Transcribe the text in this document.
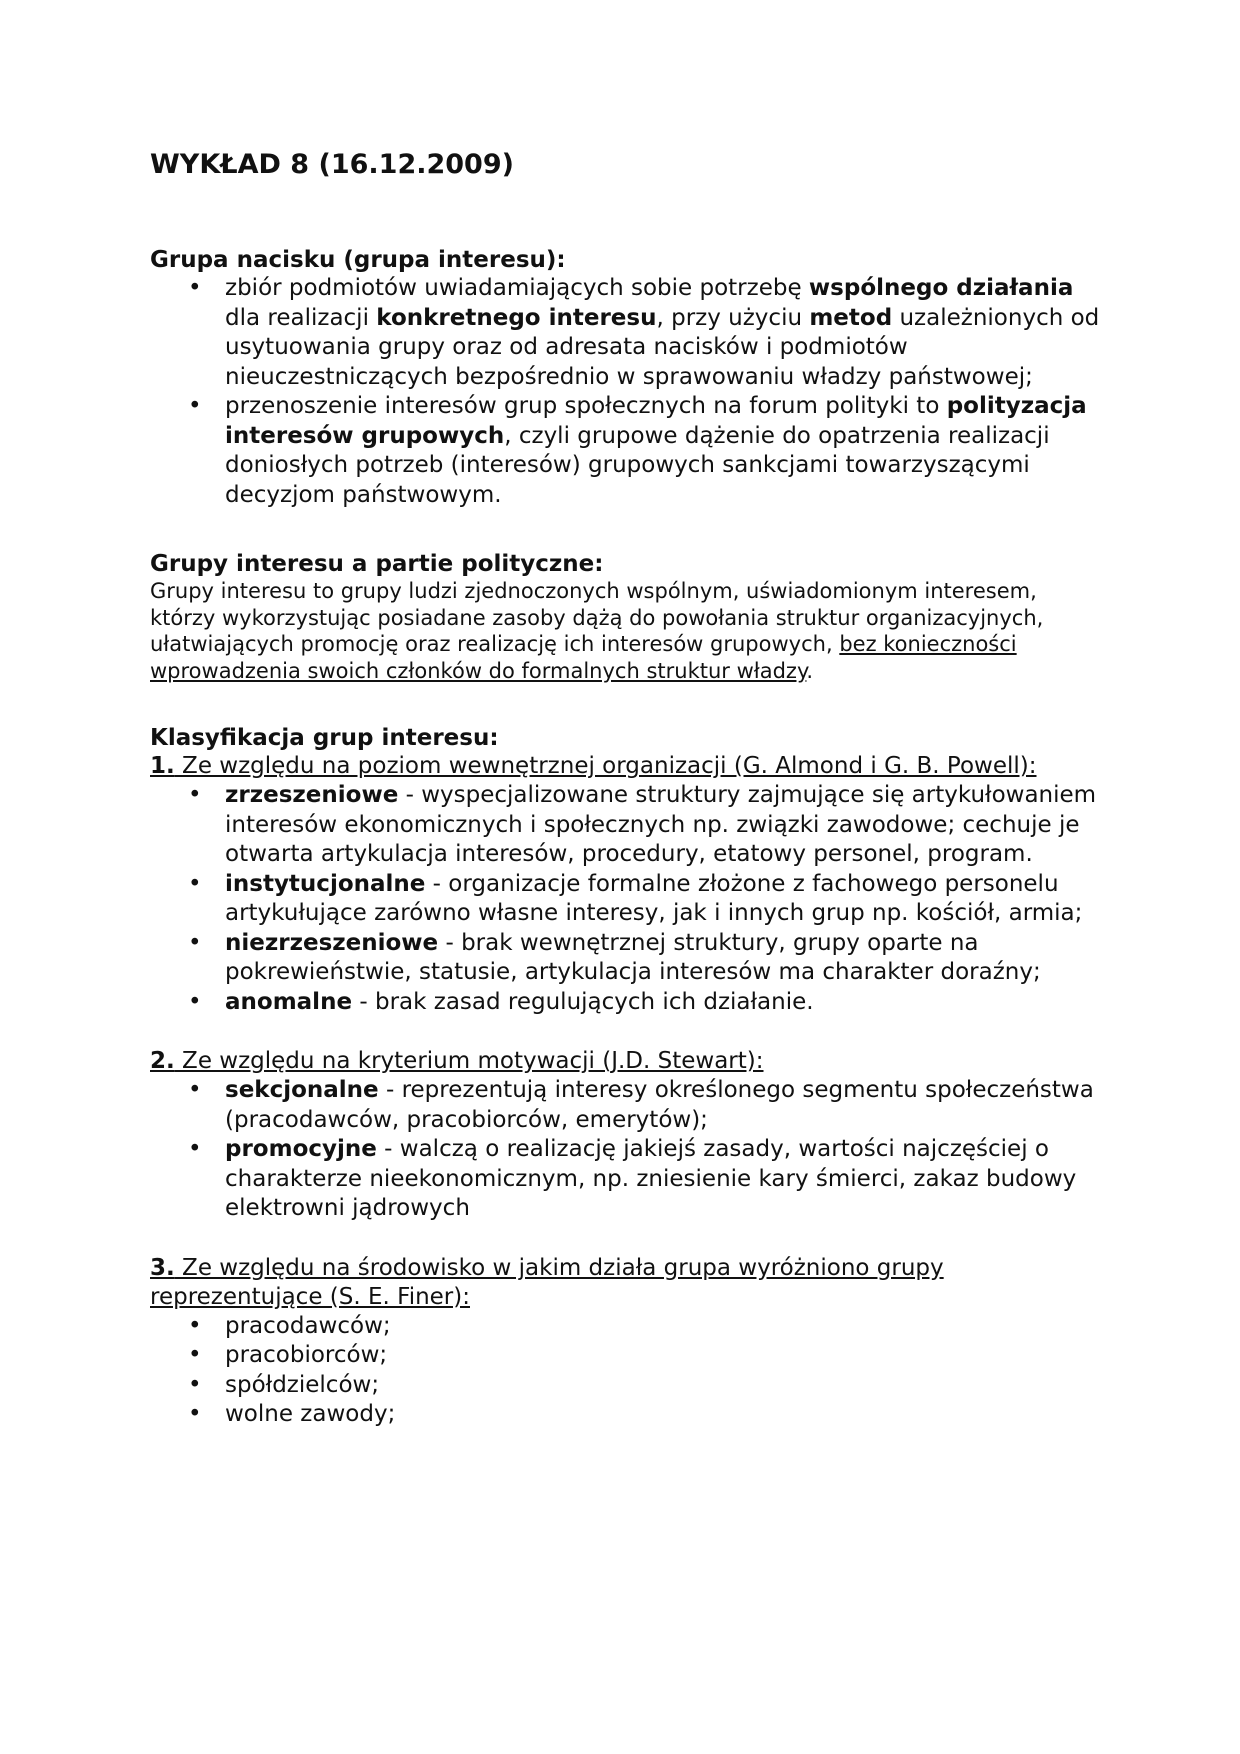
WYKŁAD 8 (16.12.2009)

Grupa nacisku (grupa interesu):

• zbiór podmiotów uwiadamiających sobie potrzebę wspólnego działania dla realizacji konkretnego interesu, przy użyciu metod uzależnionych od usytuowania grupy oraz od adresata nacisków i podmiotów nieuczestniczących bezpośrednio w sprawowaniu władzy państwowej;
• przenoszenie interesów grup społecznych na forum polityki to polityzacja interesów grupowych, czyli grupowe dążenie do opatrzenia realizacji doniosłych potrzeb (interesów) grupowych sankcjami towarzyszącymi decyzjom państwowym.

Grupy interesu a partie polityczne:

Grupy interesu to grupy ludzi zjednoczonych wspólnym, uświadomionym interesem, którzy wykorzystując posiadane zasoby dążą do powołania struktur organizacyjnych, ułatwiających promocję oraz realizację ich interesów grupowych, bez konieczności wprowadzenia swoich członków do formalnych struktur władzy.

Klasyfikacja grup interesu:

1. Ze względu na poziom wewnętrznej organizacji (G. Almond i G. B. Powell):

• zrzeszeniowe - wyspecjalizowane struktury zajmujące się artykułowaniem interesów ekonomicznych i społecznych np. związki zawodowe; cechuje je otwarta artykulacja interesów, procedury, etatowy personel, program.
• instytucjonalne - organizacje formalne złożone z fachowego personelu artykułujące zarówno własne interesy, jak i innych grup np. kościół, armia;
• niezrzeszeniowe - brak wewnętrznej struktury, grupy oparte na pokrewieństwie, statusie, artykulacja interesów ma charakter doraźny;
• anomalne - brak zasad regulujących ich działanie.

2. Ze względu na kryterium motywacji (J.D. Stewart):

• sekcjonalne - reprezentują interesy określonego segmentu społeczeństwa (pracodawców, pracobiorców, emerytów);
• promocyjne - walczą o realizację jakiejś zasady, wartości najczęściej o charakterze nieekonomicznym, np. zniesienie kary śmierci, zakaz budowy elektrowni jądrowych

3. Ze względu na środowisko w jakim działa grupa wyróżniono grupy reprezentujące (S. E. Finer):

• pracodawców;
• pracobiorców;
• spółdzielców;
• wolne zawody;
